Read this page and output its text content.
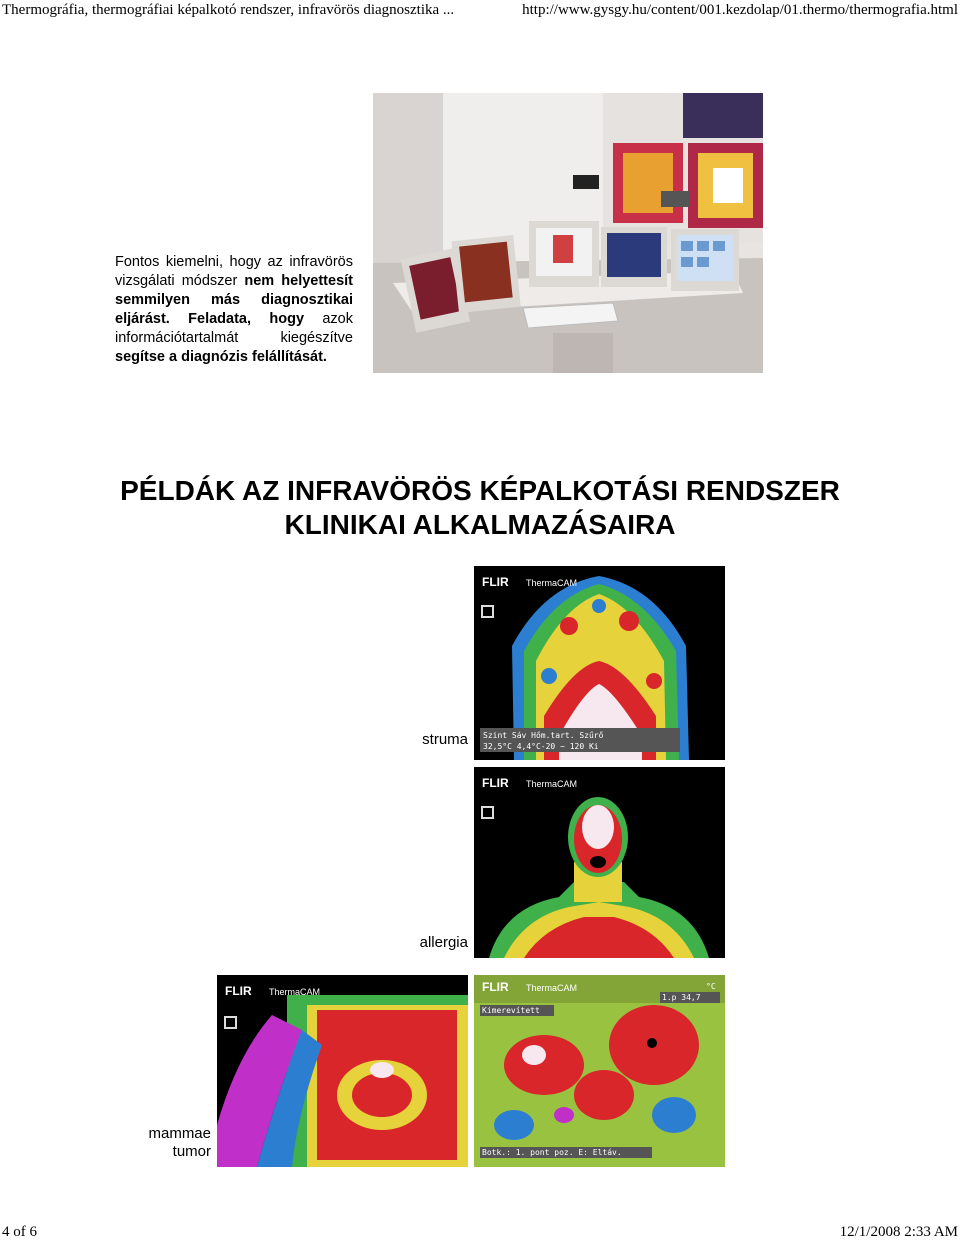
Thermográfia, thermográfiai képalkotó rendszer, infravörös diagnosztika ...	http://www.gysgy.hu/content/001.kezdolap/01.thermo/thermografia.html
Fontos kiemelni, hogy az infravörös vizsgálati módszer nem helyettesít semmilyen más diagnosztikai eljárást. Feladata, hogy azok információtartalmát kiegészítve segítse a diagnózis felállítását.
PÉLDÁK AZ INFRAVÖRÖS KÉPALKOTÁSI RENDSZER
KLINIKAI ALKALMAZÁSAIRA
FLIR ThermaCAM
Szint Sáv Hőm.tart. Szűrő
32,5°C 4,4°C-20 ~ 120 Ki
FLIR ThermaCAM
FLIR ThermaCAM	FLIR ThermaCAM	°C
1.p 34,7
Kimerevített
Botk.: 1. pont poz. E: Eltáv.
struma
allergia
mammae tumor
4 of 6	12/1/2008 2:33 AM
